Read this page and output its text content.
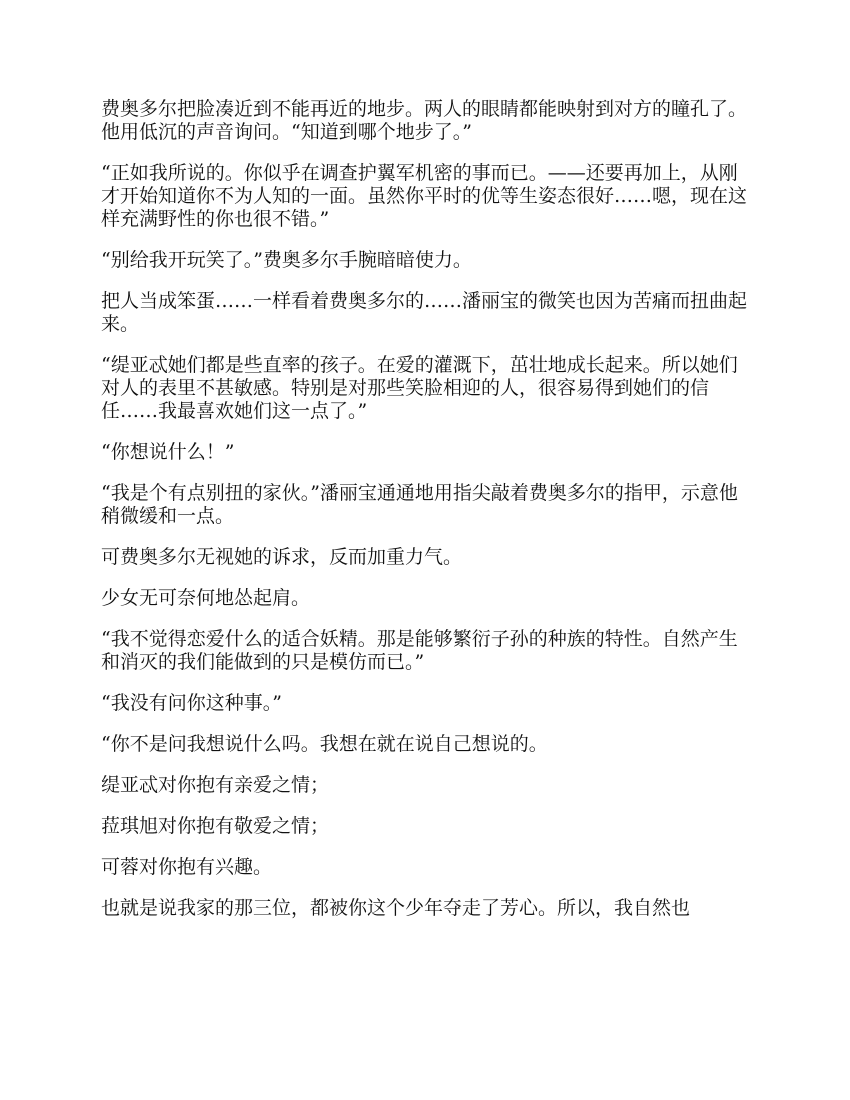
费奥多尔把脸凑近到不能再近的地步。两人的眼睛都能映射到对方的瞳孔了。他用低沉的声音询问。“知道到哪个地步了。”

“正如我所说的。你似乎在调查护翼军机密的事而已。——还要再加上，从刚才开始知道你不为人知的一面。虽然你平时的优等生姿态很好……嗯，现在这样充满野性的你也很不错。”

“别给我开玩笑了。”费奥多尔手腕暗暗使力。

把人当成笨蛋……一样看着费奥多尔的……潘丽宝的微笑也因为苦痛而扭曲起来。

“缇亚忒她们都是些直率的孩子。在爱的灌溉下，茁壮地成长起来。所以她们对人的表里不甚敏感。特别是对那些笑脸相迎的人，很容易得到她们的信任……我最喜欢她们这一点了。”

“你想说什么！”

“我是个有点别扭的家伙。”潘丽宝通通地用指尖敲着费奥多尔的指甲，示意他稍微缓和一点。

可费奥多尔无视她的诉求，反而加重力气。

少女无可奈何地怂起肩。

“我不觉得恋爱什么的适合妖精。那是能够繁衍子孙的种族的特性。自然产生和消灭的我们能做到的只是模仿而已。”

“我没有问你这种事。”

“你不是问我想说什么吗。我想在就在说自己想说的。

缇亚忒对你抱有亲爱之情；

菈琪旭对你抱有敬爱之情；

可蓉对你抱有兴趣。

也就是说我家的那三位，都被你这个少年夺走了芳心。所以，我自然也
